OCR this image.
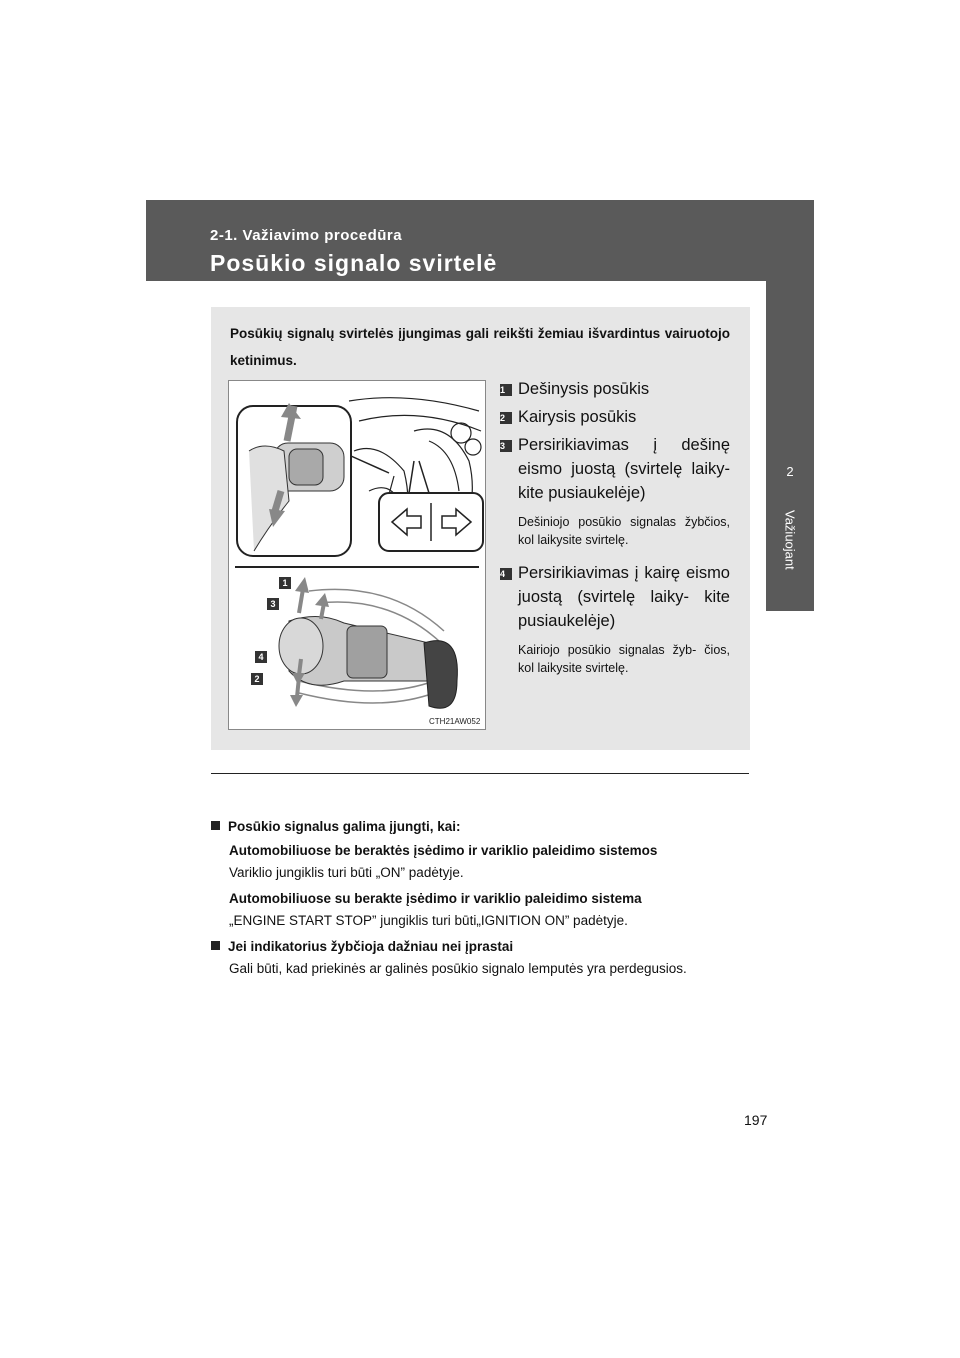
2-1. Važiavimo procedūra
Posūkio signalo svirtelė
2
Važiuojant
Posūkių signalų svirtelės įjungimas gali reikšti žemiau išvardintus vairuotojo ketinimus.
1
3
4
2
CTH21AW052
1 Dešinysis posūkis
2 Kairysis posūkis
3 Persirikiavimas į dešinę eismo juostą (svirtelę laiky- kite pusiaukelėje)
Dešiniojo posūkio signalas žybčios, kol laikysite svirtelę.
4 Persirikiavimas į kairę eismo juostą (svirtelę laiky- kite pusiaukelėje)
Kairiojo posūkio signalas žyb- čios, kol laikysite svirtelę.
Posūkio signalus galima įjungti, kai:
Automobiliuose be beraktės įsėdimo ir variklio paleidimo sistemos
Variklio jungiklis turi būti „ON” padėtyje.
Automobiliuose su berakte įsėdimo ir variklio paleidimo sistema
„ENGINE START STOP” jungiklis turi būti„IGNITION ON” padėtyje.
Jei indikatorius žybčioja dažniau nei įprastai
Gali būti, kad priekinės ar galinės posūkio signalo lemputės yra perdegusios.
197
